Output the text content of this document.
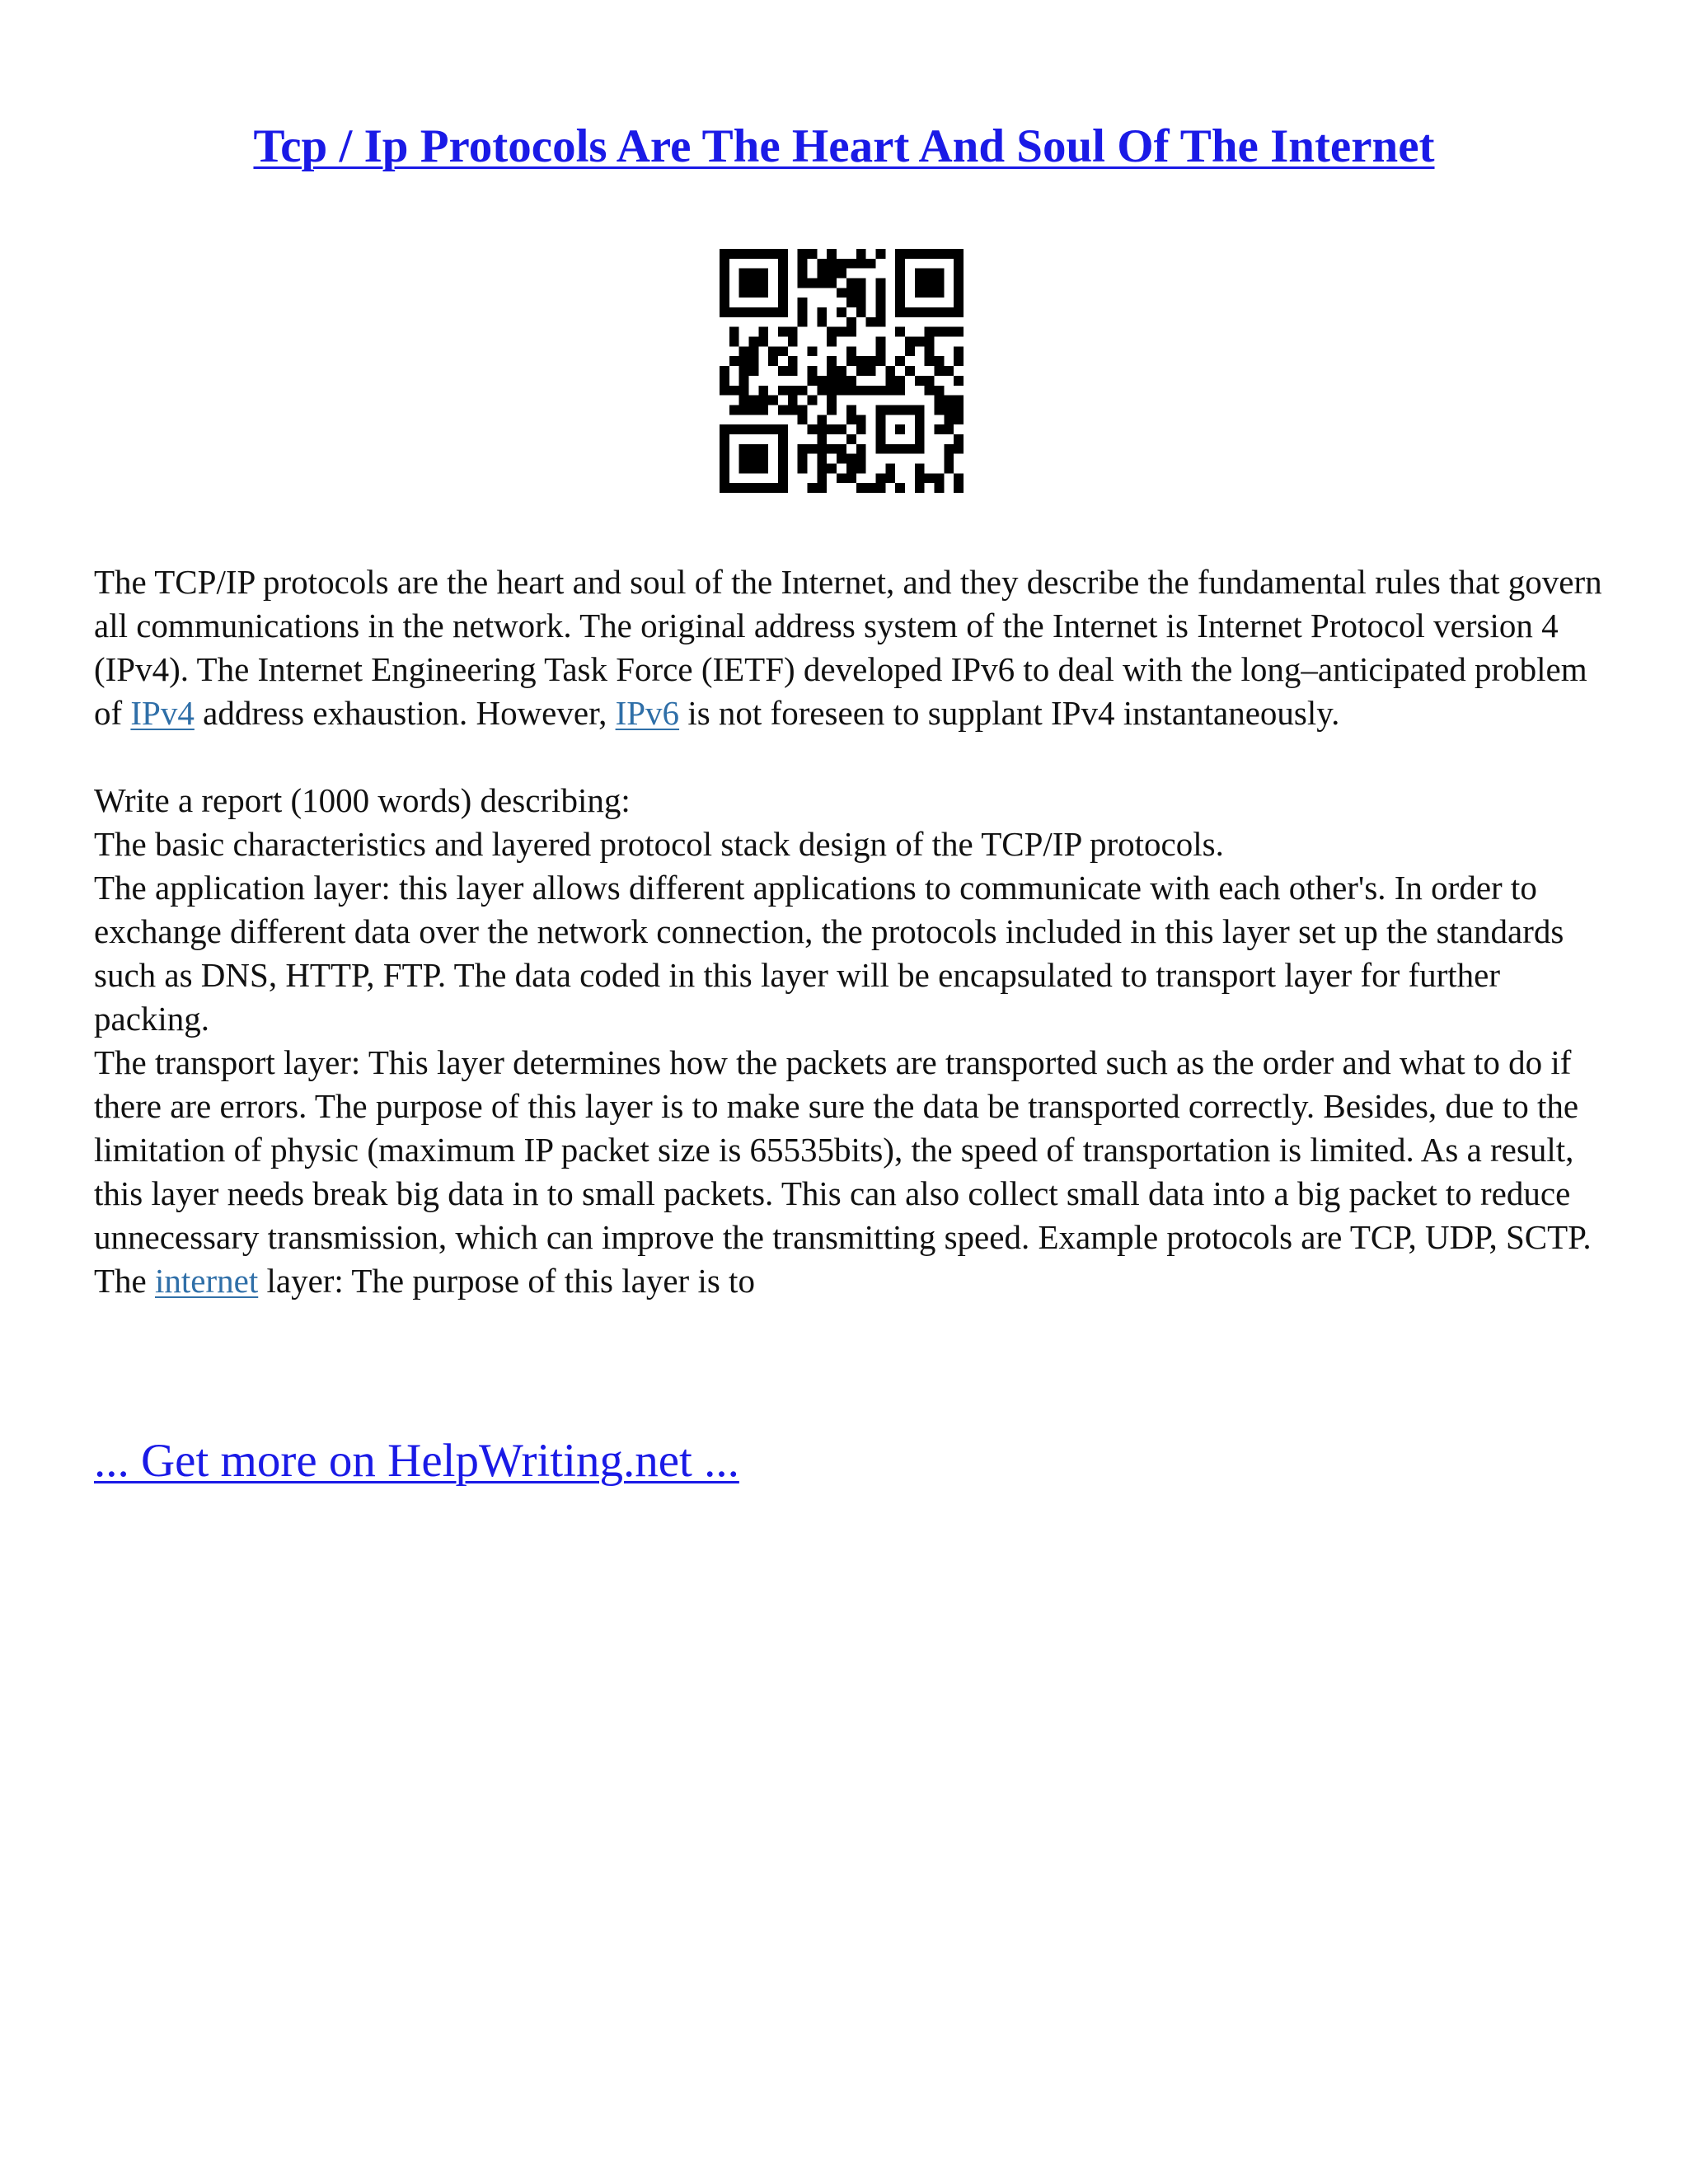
Tcp / Ip Protocols Are The Heart And Soul Of The Internet

The TCP/IP protocols are the heart and soul of the Internet, and they describe the fundamental rules that govern all communications in the network. The original address system of the Internet is Internet Protocol version 4 (IPv4). The Internet Engineering Task Force (IETF) developed IPv6 to deal with the long–anticipated problem of IPv4 address exhaustion. However, IPv6 is not foreseen to supplant IPv4 instantaneously.

Write a report (1000 words) describing:

The basic characteristics and layered protocol stack design of the TCP/IP protocols.

The application layer: this layer allows different applications to communicate with each other's. In order to exchange different data over the network connection, the protocols included in this layer set up the standards such as DNS, HTTP, FTP. The data coded in this layer will be encapsulated to transport layer for further packing.

The transport layer: This layer determines how the packets are transported such as the order and what to do if there are errors. The purpose of this layer is to make sure the data be transported correctly. Besides, due to the limitation of physic (maximum IP packet size is 65535bits), the speed of transportation is limited. As a result, this layer needs break big data in to small packets. This can also collect small data into a big packet to reduce unnecessary transmission, which can improve the transmitting speed. Example protocols are TCP, UDP, SCTP.

The internet layer: The purpose of this layer is to

... Get more on HelpWriting.net ...
